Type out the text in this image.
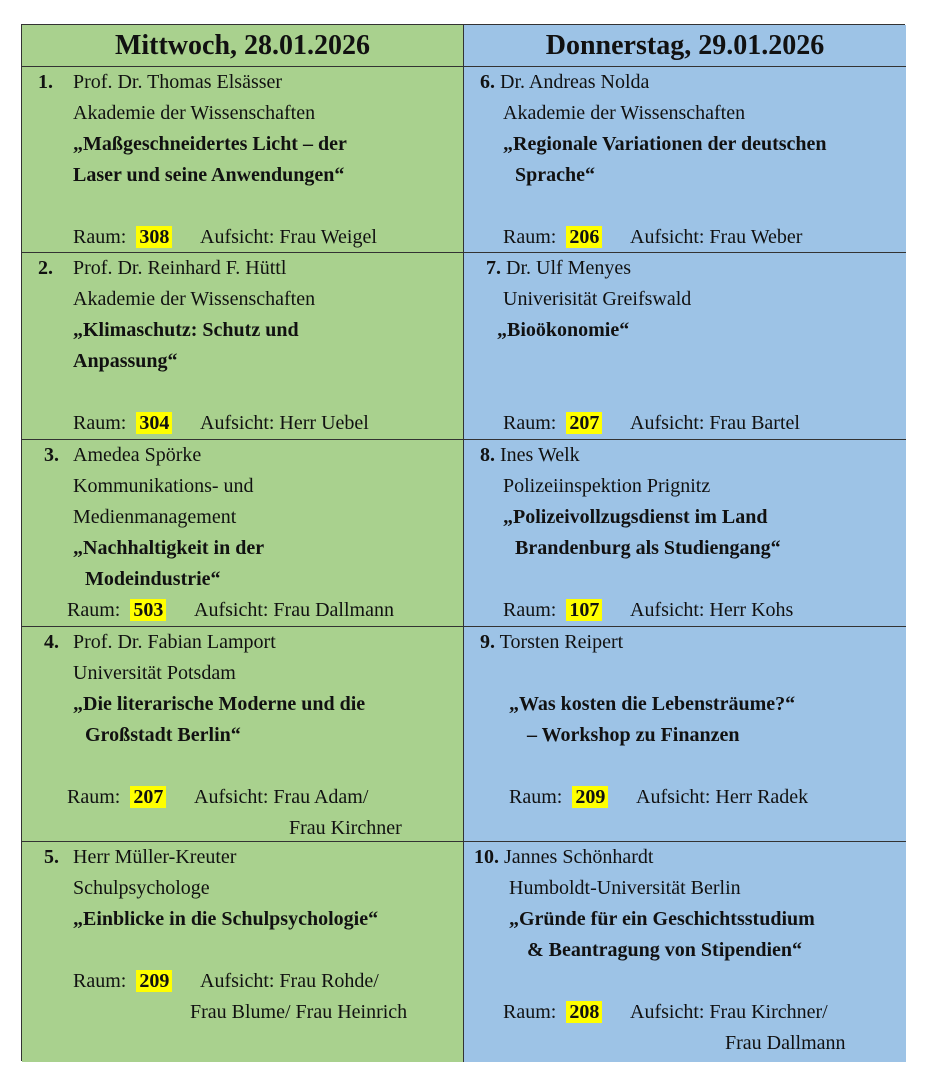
Mittwoch, 28.01.2026	Donnerstag, 29.01.2026
1. Prof. Dr. Thomas Elsässer
Akademie der Wissenschaften
„Maßgeschneidertes Licht – der
Laser und seine Anwendungen“
Raum: 308 Aufsicht: Frau Weigel
6. Dr. Andreas Nolda
Akademie der Wissenschaften
„Regionale Variationen der deutschen
Sprache“
Raum: 206 Aufsicht: Frau Weber
2. Prof. Dr. Reinhard F. Hüttl
Akademie der Wissenschaften
„Klimaschutz: Schutz und
Anpassung“
Raum: 304 Aufsicht: Herr Uebel
7. Dr. Ulf Menyes
Univerisität Greifswald
„Bioökonomie“
Raum: 207 Aufsicht: Frau Bartel
3. Amedea Spörke
Kommunikations- und
Medienmanagement
„Nachhaltigkeit in der
Modeindustrie“
Raum: 503 Aufsicht: Frau Dallmann
8. Ines Welk
Polizeiinspektion Prignitz
„Polizeivollzugsdienst im Land
Brandenburg als Studiengang“
Raum: 107 Aufsicht: Herr Kohs
4. Prof. Dr. Fabian Lamport
Universität Potsdam
„Die literarische Moderne und die
Großstadt Berlin“
Raum: 207 Aufsicht: Frau Adam/
Frau Kirchner
9. Torsten Reipert
„Was kosten die Lebensträume?“
– Workshop zu Finanzen
Raum: 209 Aufsicht: Herr Radek
5. Herr Müller-Kreuter
Schulpsychologe
„Einblicke in die Schulpsychologie“
Raum: 209 Aufsicht: Frau Rohde/
Frau Blume/ Frau Heinrich
10. Jannes Schönhardt
Humboldt-Universität Berlin
„Gründe für ein Geschichtsstudium
& Beantragung von Stipendien“
Raum: 208 Aufsicht: Frau Kirchner/
Frau Dallmann
